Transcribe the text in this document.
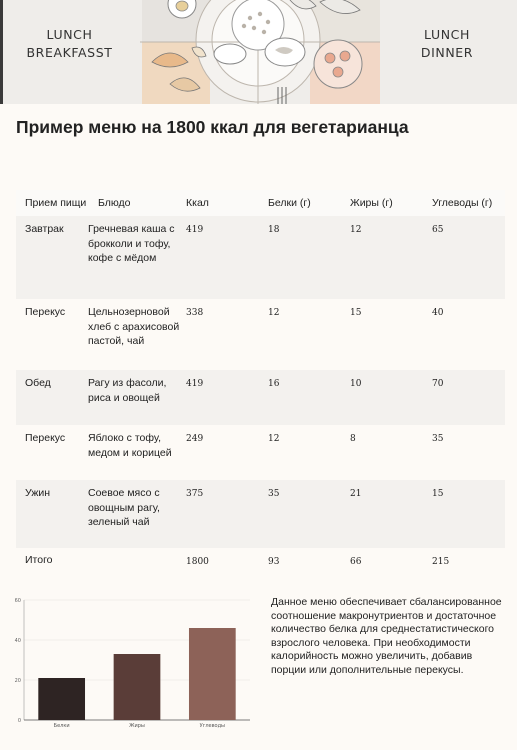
LUNCH
BREAKFASST
LUNCH
DINNER
Пример меню на 1800 ккал для вегетарианца
Прием пищи	Блюдо	Ккал	Белки (г)	Жиры (г)	Углеводы (г)
Завтрак	Гречневая каша с брокколи и тофу, кофе с мёдом	419	18	12	65
Перекус	Цельнозерновой хлеб с арахисовой пастой, чай	338	12	15	40
Обед	Рагу из фасоли, риса и овощей	419	16	10	70
Перекус	Яблоко с тофу, медом и корицей	249	12	8	35
Ужин	Соевое мясо с овощным рагу, зеленый чай	375	35	21	15
Итого		1800	93	66	215
0
20
40
60
Белки	Жиры	Углеводы
Данное меню обеспечивает сбалансированное соотношение макронутриентов и достаточное количество белка для среднестатистического взрослого человека. При необходимости калорийность можно увеличить, добавив порции или дополнительные перекусы.
